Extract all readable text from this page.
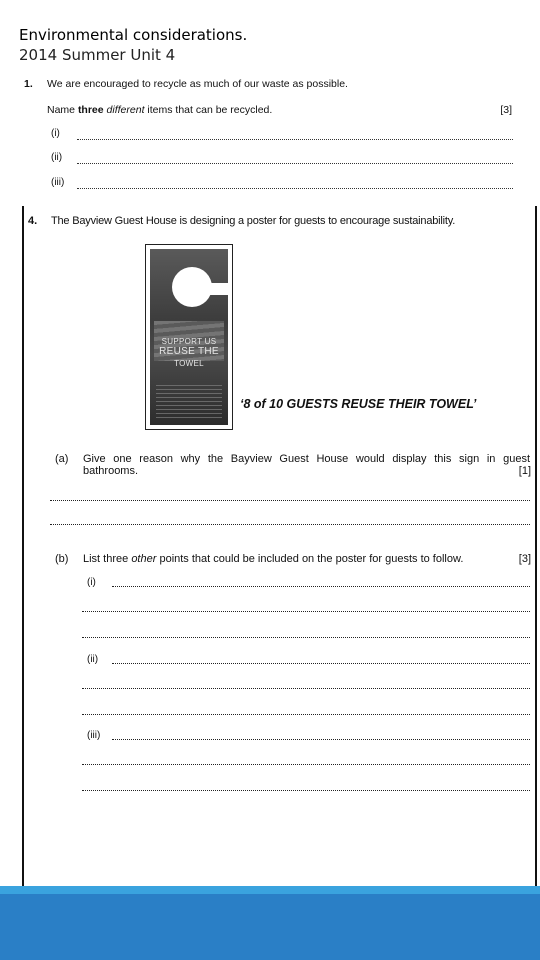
Environmental considerations.
2014 Summer Unit 4
1. We are encouraged to recycle as much of our waste as possible.
Name three different items that can be recycled.	[3]
(i)
(ii)
(iii)
4. The Bayview Guest House is designing a poster for guests to encourage sustainability.
SUPPORT US
REUSE THE
TOWEL
‘8 of 10 GUESTS REUSE THEIR TOWEL’
(a) Give one reason why the Bayview Guest House would display this sign in guest
bathrooms.	[1]
(b) List three other points that could be included on the poster for guests to follow.	[3]
(i)
(ii)
(iii)
